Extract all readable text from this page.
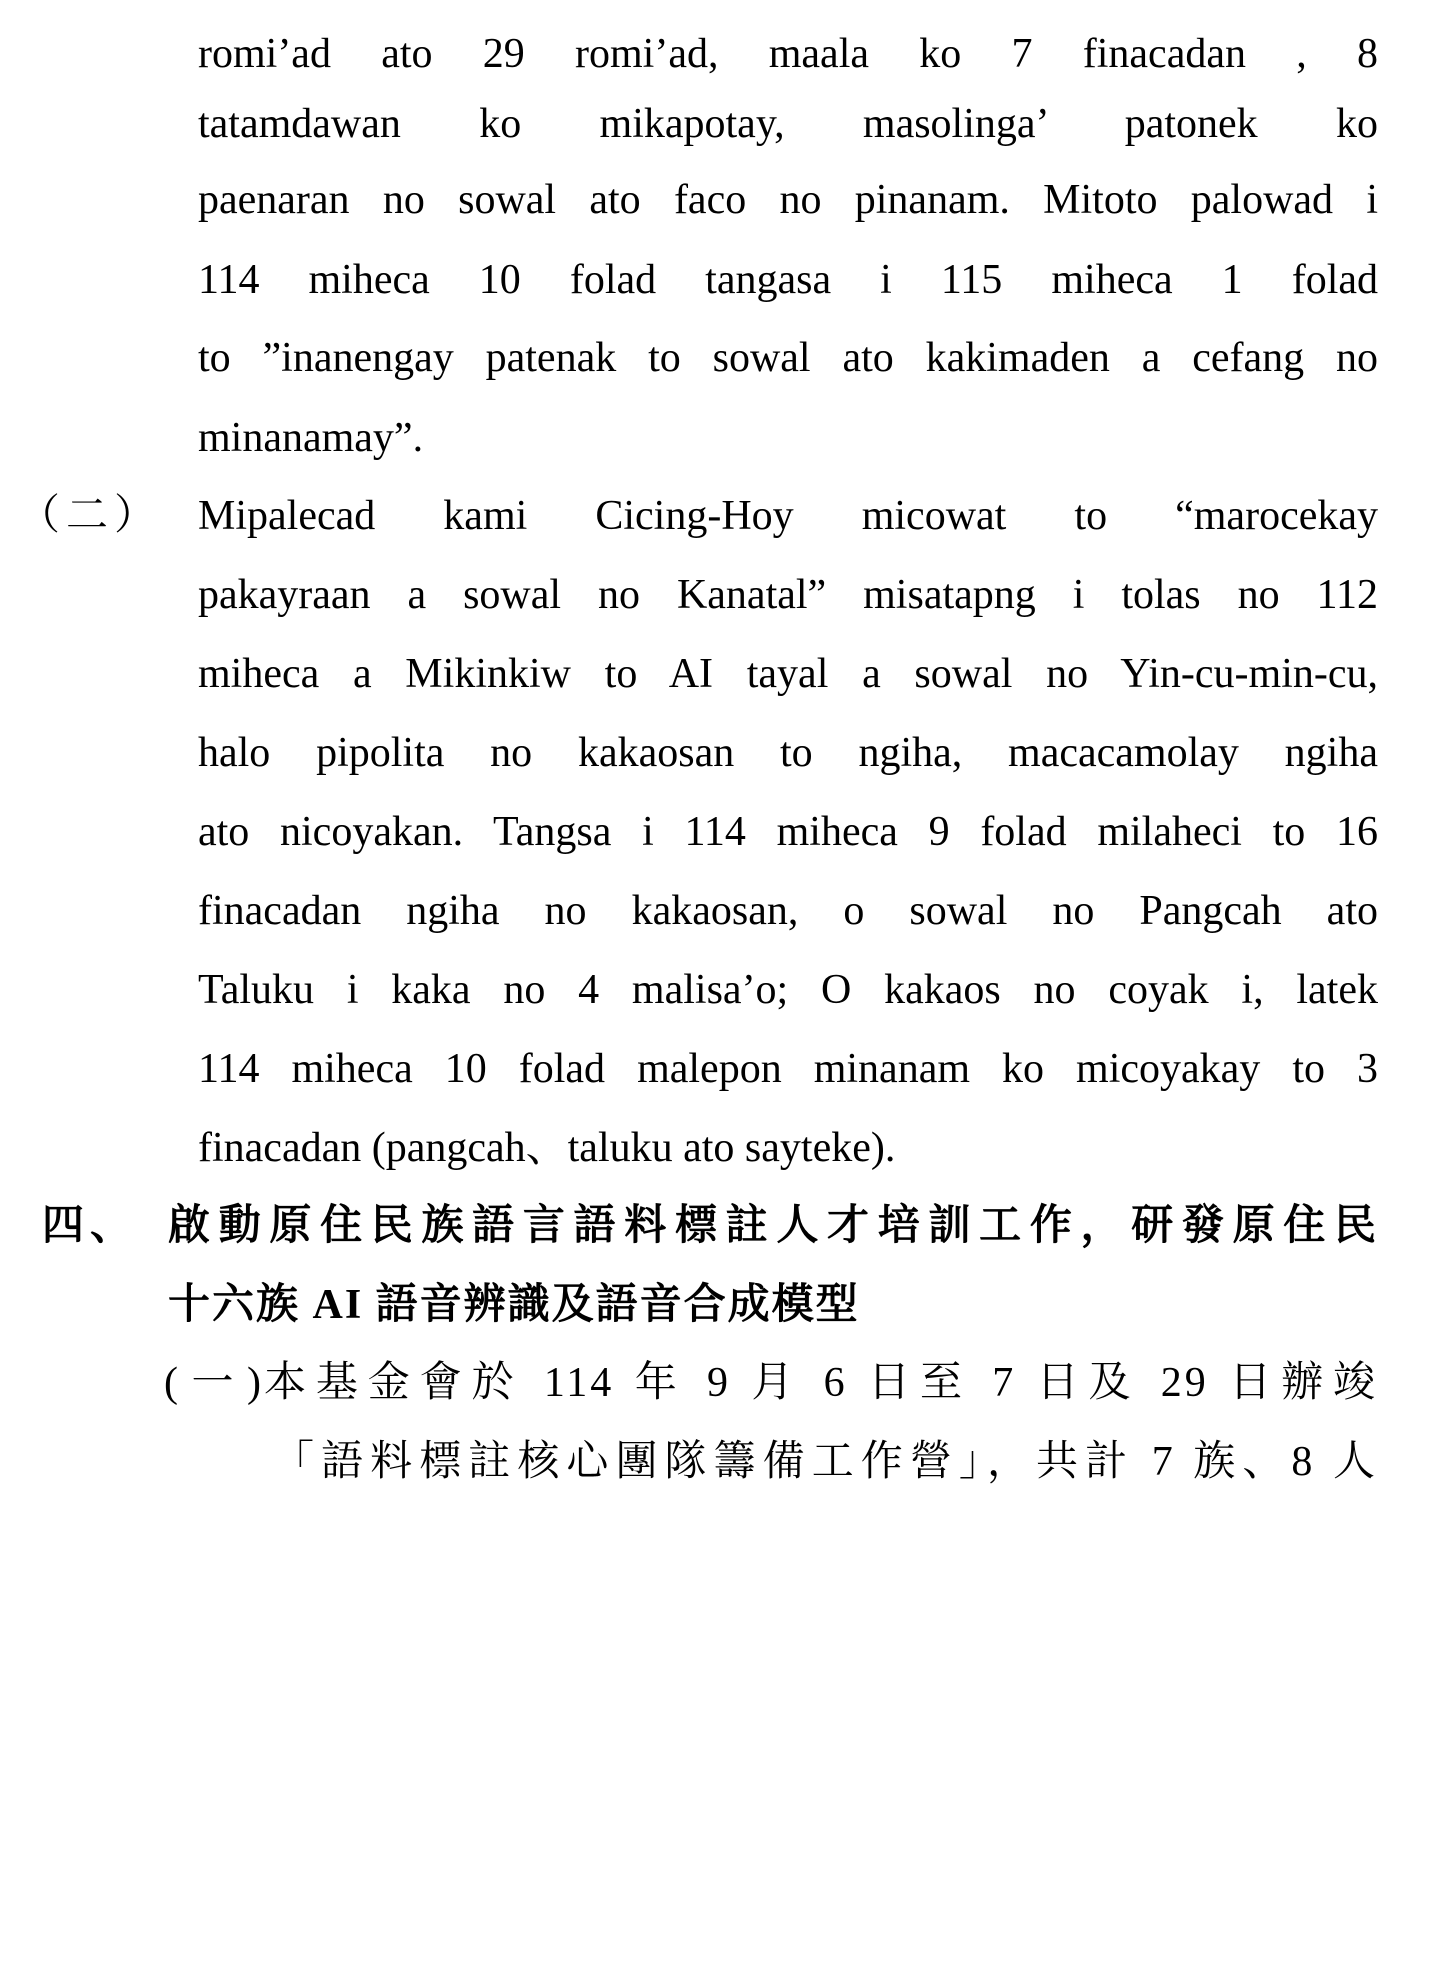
romi’ad ato 29 romi’ad, maala ko 7 finacadan , 8
tatamdawan ko mikapotay, masolinga’ patonek ko
paenaran no sowal ato faco no pinanam. Mitoto palowad i
114 miheca 10 folad tangasa i 115 miheca 1 folad
to ”inanengay patenak to sowal ato kakimaden a cefang no
minanamay”.
（二） Mipalecad kami Cicing-Hoy micowat to “marocekay
pakayraan a sowal no Kanatal” misatapng i tolas no 112
miheca a Mikinkiw to AI tayal a sowal no Yin-cu-min-cu,
halo pipolita no kakaosan to ngiha, macacamolay ngiha
ato nicoyakan. Tangsa i 114 miheca 9 folad milaheci to 16
finacadan ngiha no kakaosan, o sowal no Pangcah ato
Taluku i kaka no 4 malisa’o; O kakaos no coyak i, latek
114 miheca 10 folad malepon minanam ko micoyakay to 3
finacadan (pangcah、taluku ato sayteke).
四、 啟動原住民族語言語料標註人才培訓工作，研發原住民
十六族 AI 語音辨識及語音合成模型
(一) 本基金會於 114 年 9 月 6 日至 7 日及 29 日辦竣
「語料標註核心團隊籌備工作營」，共計 7 族、8 人
